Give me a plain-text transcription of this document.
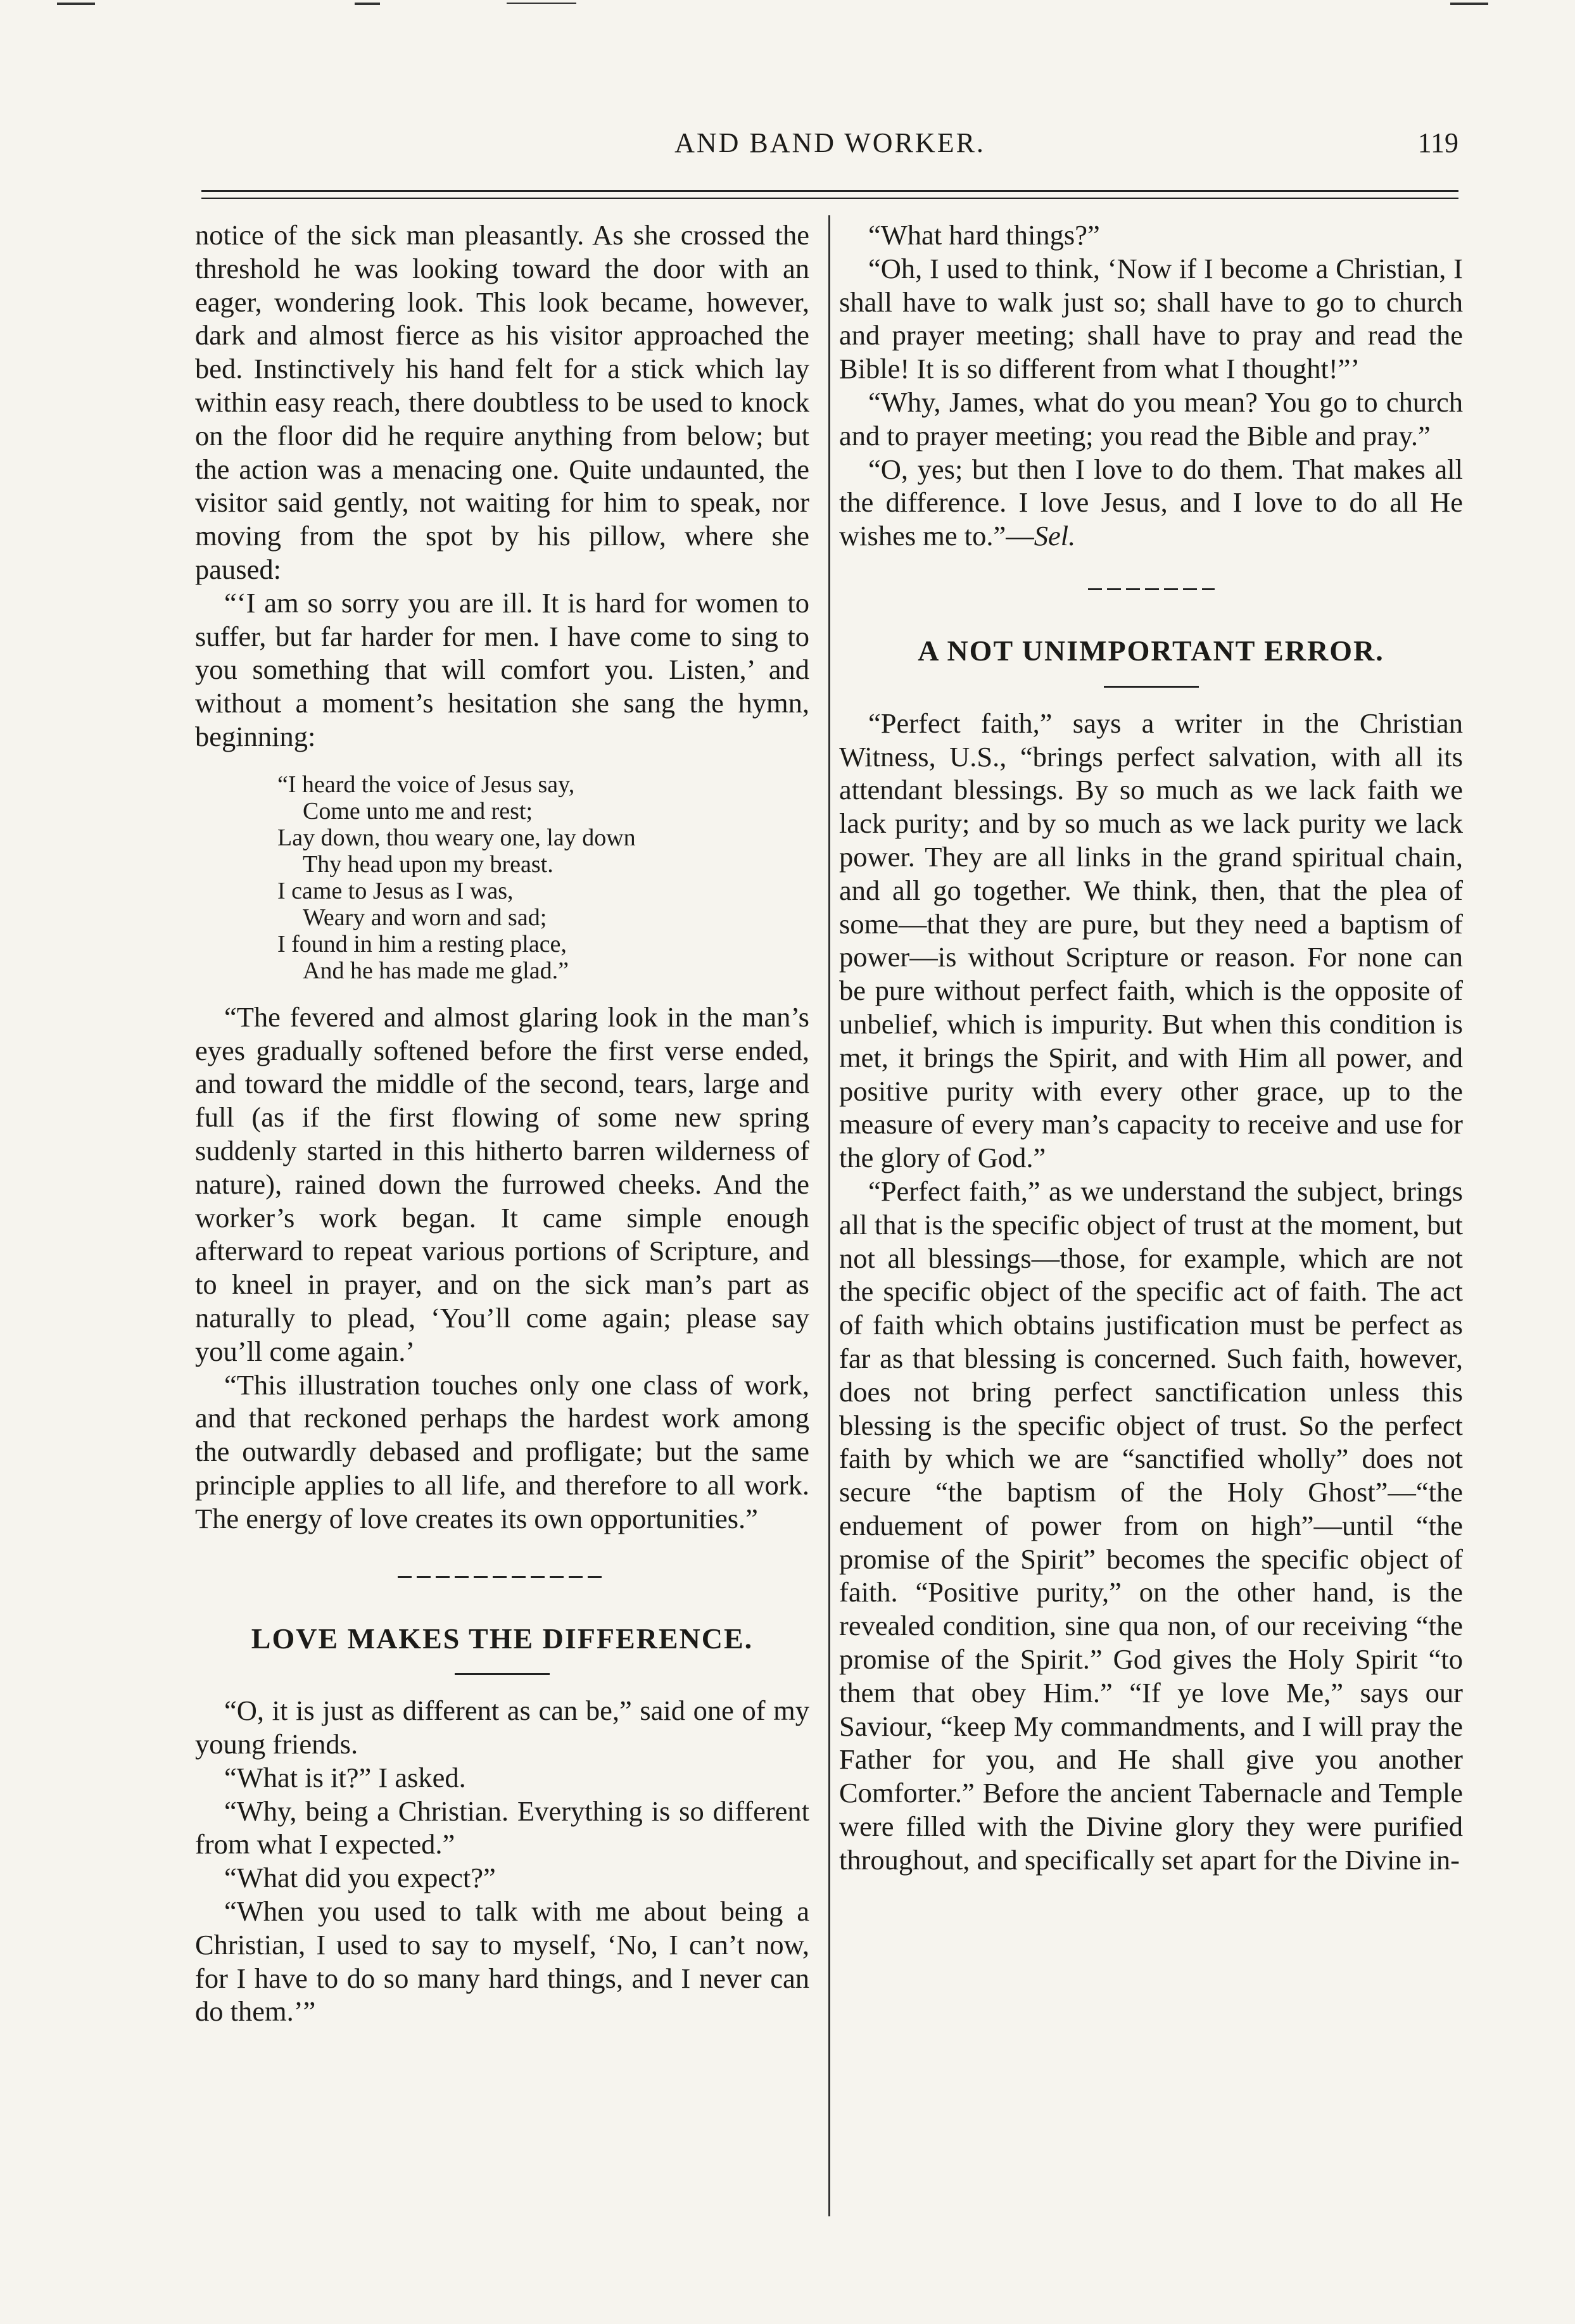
AND BAND WORKER.	119

notice of the sick man pleasantly. As she crossed the threshold he was looking toward the door with an eager, wondering look. This look became, however, dark and almost fierce as his visitor approached the bed. Instinctively his hand felt for a stick which lay within easy reach, there doubtless to be used to knock on the floor did he require anything from below; but the action was a menacing one. Quite undaunted, the visitor said gently, not waiting for him to speak, nor moving from the spot by his pillow, where she paused:

“‘I am so sorry you are ill. It is hard for women to suffer, but far harder for men. I have come to sing to you something that will comfort you. Listen,’ and without a moment’s hesitation she sang the hymn, beginning:

“I heard the voice of Jesus say,
Come unto me and rest;
Lay down, thou weary one, lay down
Thy head upon my breast.
I came to Jesus as I was,
Weary and worn and sad;
I found in him a resting place,
And he has made me glad.”

“The fevered and almost glaring look in the man’s eyes gradually softened before the first verse ended, and toward the middle of the second, tears, large and full (as if the first flowing of some new spring suddenly started in this hitherto barren wilderness of nature), rained down the furrowed cheeks. And the worker’s work began. It came simple enough afterward to repeat various portions of Scripture, and to kneel in prayer, and on the sick man’s part as naturally to plead, ‘You’ll come again; please say you’ll come again.’

“This illustration touches only one class of work, and that reckoned perhaps the hardest work among the outwardly debased and profligate; but the same principle applies to all life, and therefore to all work. The energy of love creates its own opportunities.”

LOVE MAKES THE DIFFERENCE.

“O, it is just as different as can be,” said one of my young friends.

“What is it?” I asked.

“Why, being a Christian. Everything is so different from what I expected.”

“What did you expect?”

“When you used to talk with me about being a Christian, I used to say to myself, ‘No, I can’t now, for I have to do so many hard things, and I never can do them.’”

“What hard things?”

“Oh, I used to think, ‘Now if I become a Christian, I shall have to walk just so; shall have to go to church and prayer meeting; shall have to pray and read the Bible! It is so different from what I thought!”’

“Why, James, what do you mean? You go to church and to prayer meeting; you read the Bible and pray.”

“O, yes; but then I love to do them. That makes all the difference. I love Jesus, and I love to do all He wishes me to.”—Sel.

A NOT UNIMPORTANT ERROR.

“Perfect faith,” says a writer in the Christian Witness, U.S., “brings perfect salvation, with all its attendant blessings. By so much as we lack faith we lack purity; and by so much as we lack purity we lack power. They are all links in the grand spiritual chain, and all go together. We think, then, that the plea of some—that they are pure, but they need a baptism of power—is without Scripture or reason. For none can be pure without perfect faith, which is the opposite of unbelief, which is impurity. But when this condition is met, it brings the Spirit, and with Him all power, and positive purity with every other grace, up to the measure of every man’s capacity to receive and use for the glory of God.”

“Perfect faith,” as we understand the subject, brings all that is the specific object of trust at the moment, but not all blessings—those, for example, which are not the specific object of the specific act of faith. The act of faith which obtains justification must be perfect as far as that blessing is concerned. Such faith, however, does not bring perfect sanctification unless this blessing is the specific object of trust. So the perfect faith by which we are “sanctified wholly” does not secure “the baptism of the Holy Ghost”—“the enduement of power from on high”—until “the promise of the Spirit” becomes the specific object of faith. “Positive purity,” on the other hand, is the revealed condition, sine qua non, of our receiving “the promise of the Spirit.” God gives the Holy Spirit “to them that obey Him.” “If ye love Me,” says our Saviour, “keep My commandments, and I will pray the Father for you, and He shall give you another Comforter.” Before the ancient Tabernacle and Temple were filled with the Divine glory they were purified throughout, and specifically set apart for the Divine in-
